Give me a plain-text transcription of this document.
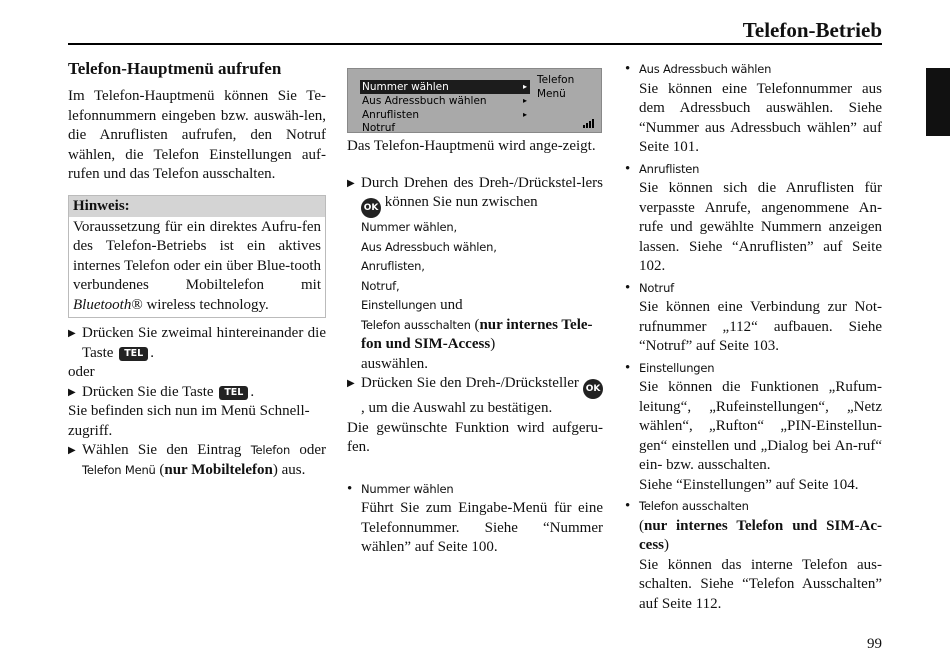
Telefon-Betrieb

Telefon-Hauptmenü aufrufen

Im Telefon-Hauptmenü können Sie Te-lefonnummern eingeben bzw. auswäh-len, die Anruflisten aufrufen, den Notruf wählen, die Telefon Einstellungen auf-rufen und das Telefon ausschalten.

Hinweis:
Voraussetzung für ein direktes Aufru-fen des Telefon-Betriebs ist ein aktives internes Telefon oder ein über Blue-tooth verbundenes Mobiltelefon mit Bluetooth® wireless technology.

▶ Drücken Sie zweimal hintereinander die Taste TEL .

oder

▶ Drücken Sie die Taste TEL .

Sie befinden sich nun im Menü Schnell-zugriff.

▶ Wählen Sie den Eintrag Telefon oder Telefon Menü (nur Mobiltelefon) aus.

Nummer wählen	▸
Aus Adressbuch wählen	▸
Anruflisten	▸
Notruf
Telefon
Menü

Das Telefon-Hauptmenü wird ange-zeigt.

▶ Durch Drehen des Dreh-/Drückstel-lers OK können Sie nun zwischen

Nummer wählen,
Aus Adressbuch wählen,
Anruflisten,
Notruf,
Einstellungen und
Telefon ausschalten (nur internes Tele-fon und SIM-Access)
auswählen.

▶ Drücken Sie den Dreh-/Drücksteller OK, um die Auswahl zu bestätigen.

Die gewünschte Funktion wird aufgeru-fen.

• Nummer wählen
Führt Sie zum Eingabe-Menü für eine Telefonnummer. Siehe “Nummer wählen” auf Seite 100.
• Aus Adressbuch wählen
Sie können eine Telefonnummer aus dem Adressbuch auswählen. Siehe “Nummer aus Adressbuch wählen” auf Seite 101.
• Anruflisten
Sie können sich die Anruflisten für verpasste Anrufe, angenommene An-rufe und gewählte Nummern anzeigen lassen. Siehe “Anruflisten” auf Seite 102.
• Notruf
Sie können eine Verbindung zur Not-rufnummer „112“ aufbauen. Siehe “Notruf” auf Seite 103.
• Einstellungen
Sie können die Funktionen „Rufum-leitung“, „Rufeinstellungen“, „Netz wählen“, „Rufton“ „PIN-Einstellun-gen“ einstellen und „Dialog bei An-ruf“ ein- bzw. ausschalten.
Siehe “Einstellungen” auf Seite 104.
• Telefon ausschalten
(nur internes Telefon und SIM-Ac-cess)
Sie können das interne Telefon aus-schalten. Siehe “Telefon Ausschalten” auf Seite 112.
99
